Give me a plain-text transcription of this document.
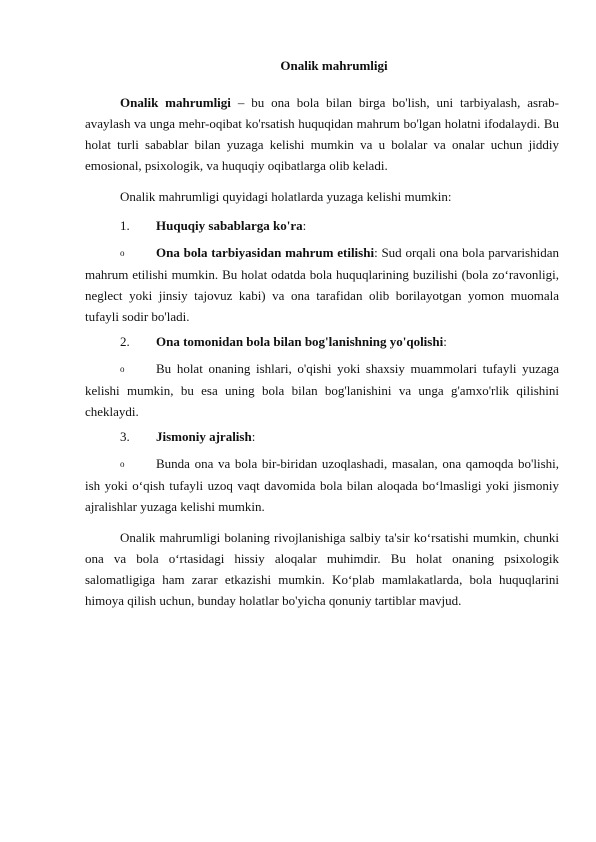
Onalik mahrumligi

Onalik mahrumligi – bu ona bola bilan birga bo'lish, uni tarbiyalash, asrab-avaylash va unga mehr-oqibat ko'rsatish huquqidan mahrum bo'lgan holatni ifodalaydi. Bu holat turli sabablar bilan yuzaga kelishi mumkin va u bolalar va onalar uchun jiddiy emosional, psixologik, va huquqiy oqibatlarga olib keladi.

Onalik mahrumligi quyidagi holatlarda yuzaga kelishi mumkin:

1. Huquqiy sabablarga ko'ra:

o Ona bola tarbiyasidan mahrum etilishi: Sud orqali ona bola parvarishidan mahrum etilishi mumkin. Bu holat odatda bola huquqlarining buzilishi (bola zo‘ravonligi, neglect yoki jinsiy tajovuz kabi) va ona tarafidan olib borilayotgan yomon muomala tufayli sodir bo'ladi.

2. Ona tomonidan bola bilan bog'lanishning yo'qolishi:

o Bu holat onaning ishlari, o'qishi yoki shaxsiy muammolari tufayli yuzaga kelishi mumkin, bu esa uning bola bilan bog'lanishini va unga g'amxo'rlik qilishini cheklaydi.

3. Jismoniy ajralish:

o Bunda ona va bola bir-biridan uzoqlashadi, masalan, ona qamoqda bo'lishi, ish yoki o‘qish tufayli uzoq vaqt davomida bola bilan aloqada bo‘lmasligi yoki jismoniy ajralishlar yuzaga kelishi mumkin.

Onalik mahrumligi bolaning rivojlanishiga salbiy ta'sir ko‘rsatishi mumkin, chunki ona va bola o‘rtasidagi hissiy aloqalar muhimdir. Bu holat onaning psixologik salomatligiga ham zarar etkazishi mumkin. Ko‘plab mamlakatlarda, bola huquqlarini himoya qilish uchun, bunday holatlar bo'yicha qonuniy tartiblar mavjud.
